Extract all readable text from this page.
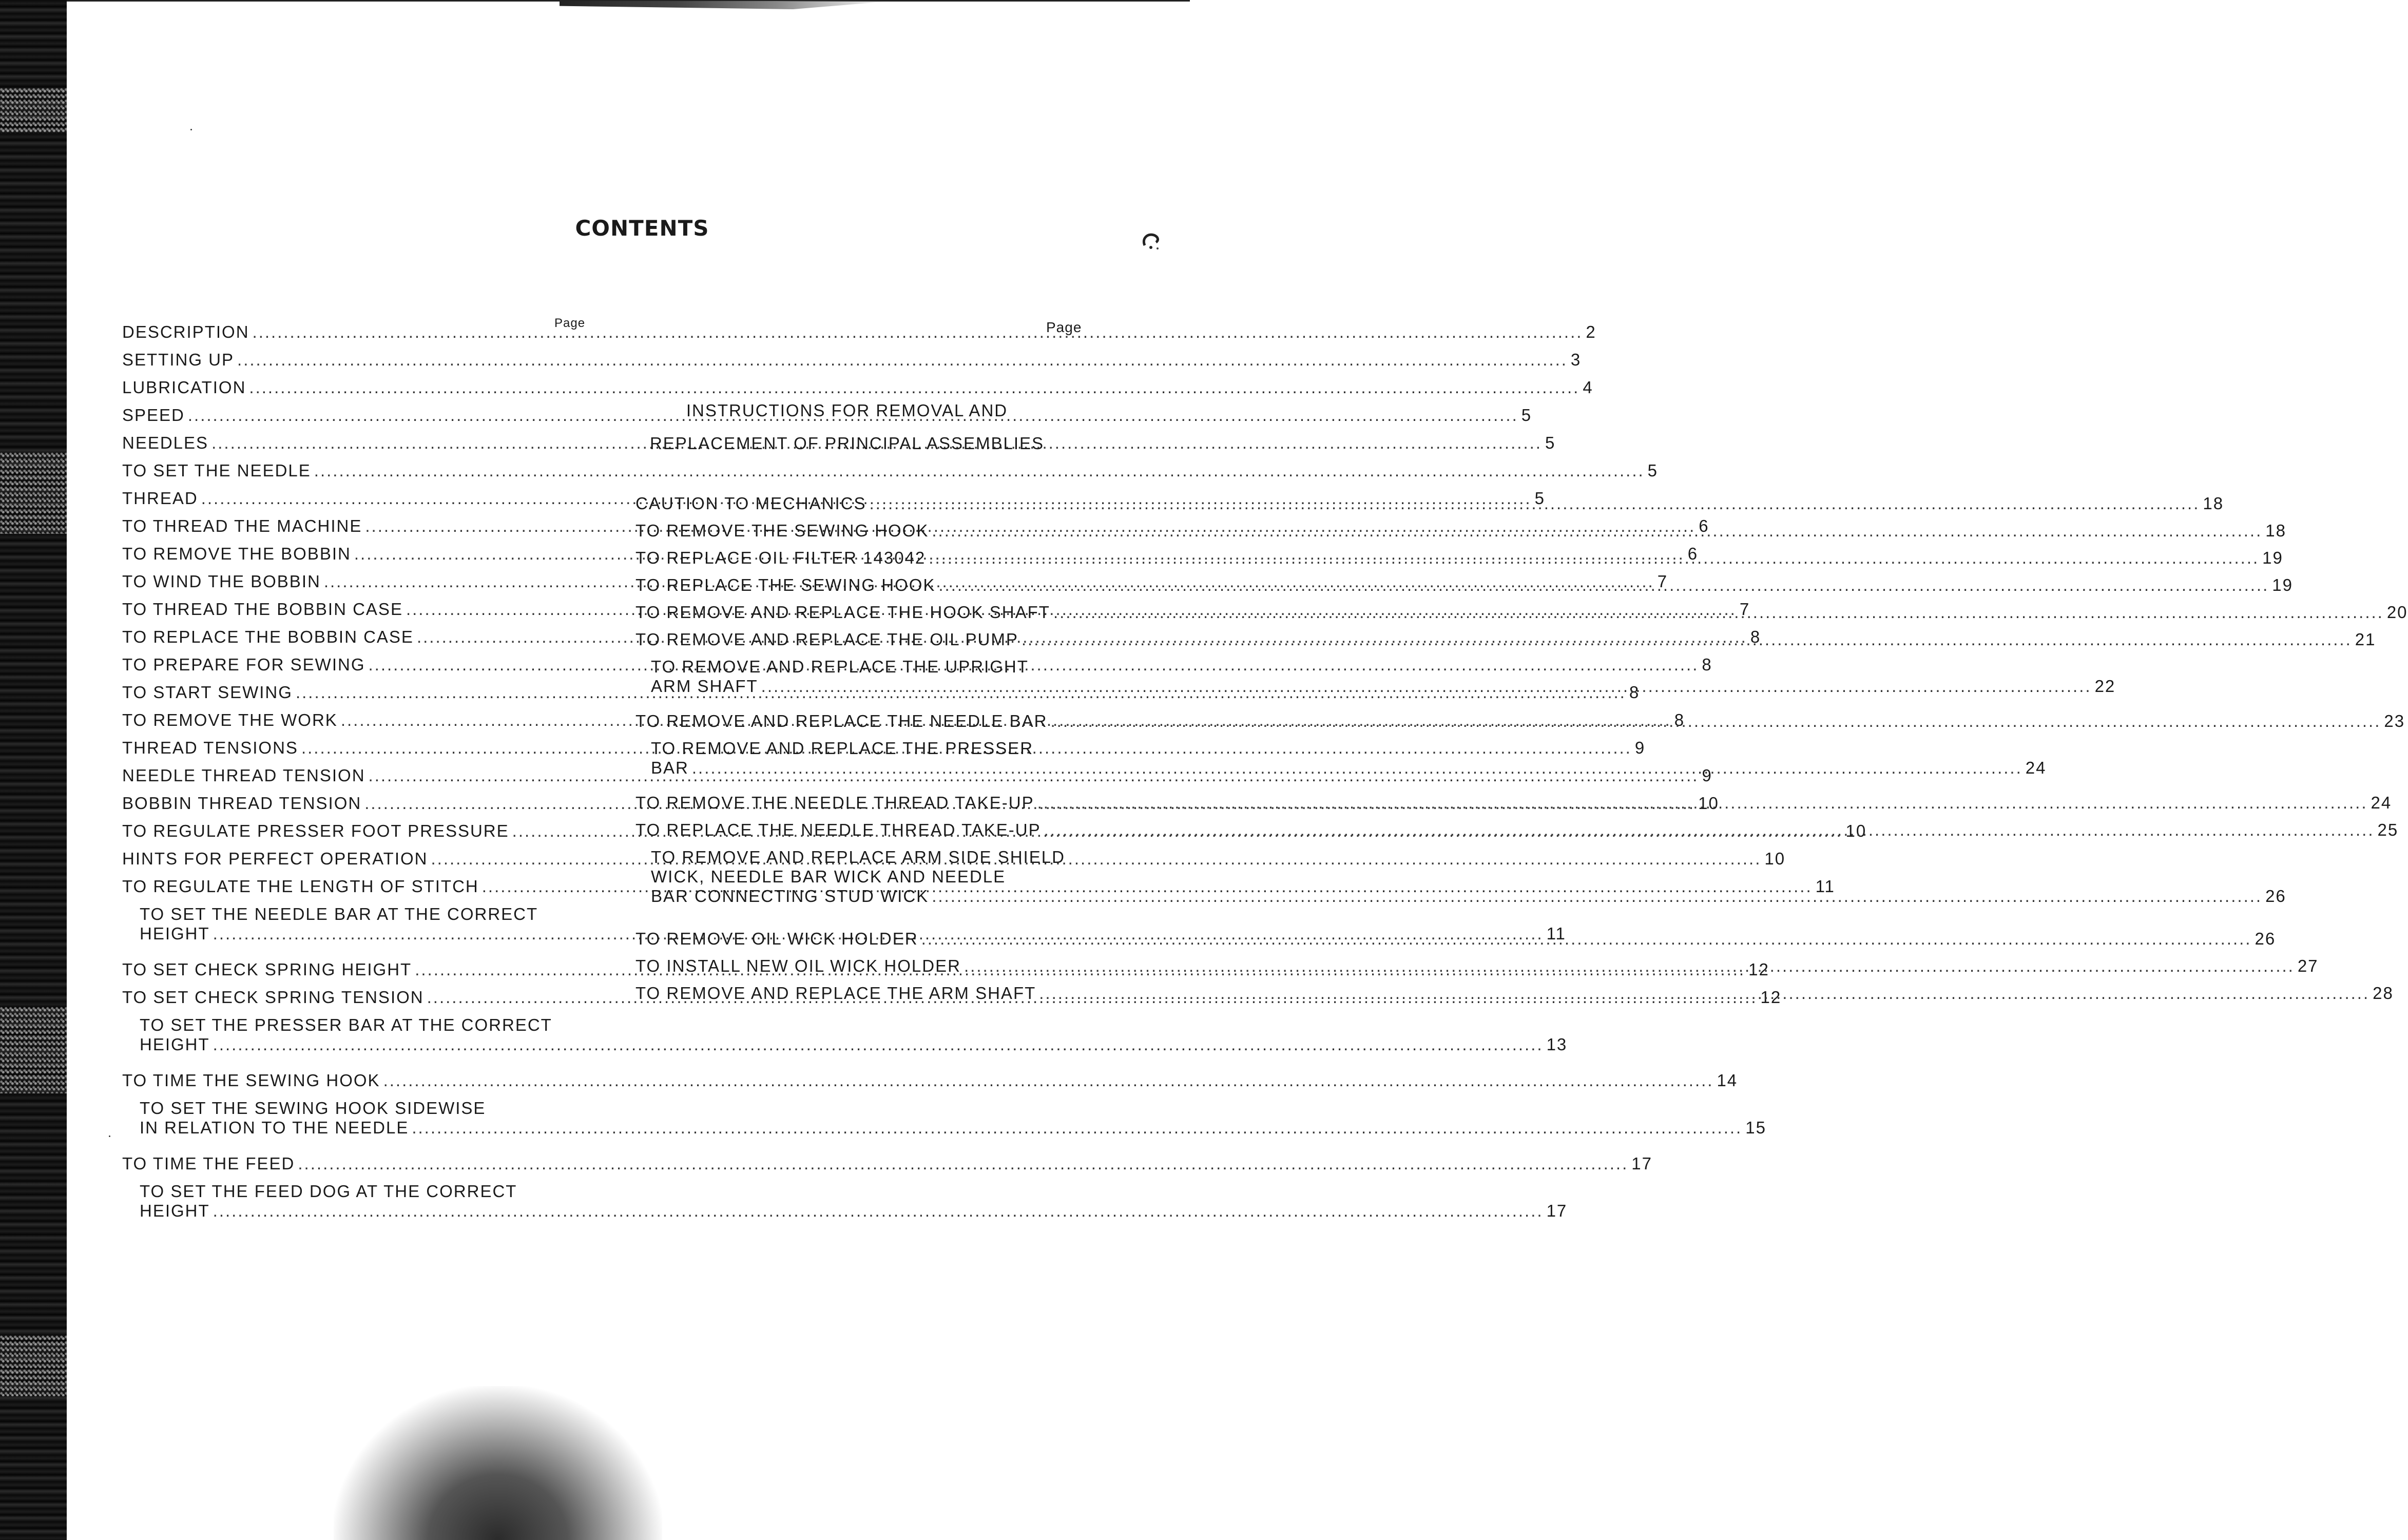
CONTENTS
Page	Page
DESCRIPTION .....	2
SETTING UP .....	3
LUBRICATION .....	4
SPEED .....	5
NEEDLES .....	5
TO SET THE NEEDLE .....	5
THREAD .....	5
TO THREAD THE MACHINE .....	6
TO REMOVE THE BOBBIN .....	6
TO WIND THE BOBBIN .....	7
TO THREAD THE BOBBIN CASE .....	7
TO REPLACE THE BOBBIN CASE .....	8
TO PREPARE FOR SEWING .....	8
TO START SEWING .....	8
TO REMOVE THE WORK .....	8
THREAD TENSIONS .....	9
NEEDLE THREAD TENSION .....	9
BOBBIN THREAD TENSION .....	10
TO REGULATE PRESSER FOOT PRESSURE .....	10
HINTS FOR PERFECT OPERATION .....	10
TO REGULATE THE LENGTH OF STITCH .....	11
TO SET THE NEEDLE BAR AT THE CORRECT
HEIGHT .....	11
TO SET CHECK SPRING HEIGHT .....	12
TO SET CHECK SPRING TENSION .....	12
TO SET THE PRESSER BAR AT THE CORRECT
HEIGHT .....	13
TO TIME THE SEWING HOOK .....	14
TO SET THE SEWING HOOK SIDEWISE
IN RELATION TO THE NEEDLE .....	15
TO TIME THE FEED .....	17
TO SET THE FEED DOG AT THE CORRECT
HEIGHT .....	17
INSTRUCTIONS FOR REMOVAL AND
REPLACEMENT OF PRINCIPAL ASSEMBLIES
CAUTION TO MECHANICS .....	18
TO REMOVE THE SEWING HOOK .....	18
TO REPLACE OIL FILTER 143042 .....	19
TO REPLACE THE SEWING HOOK .....	19
TO REMOVE AND REPLACE THE HOOK SHAFT .....	20
TO REMOVE AND REPLACE THE OIL PUMP .....	21
TO REMOVE AND REPLACE THE UPRIGHT
ARM SHAFT .....	22
TO REMOVE AND REPLACE THE NEEDLE BAR .....	23
TO REMOVE AND REPLACE THE PRESSER
BAR .....	24
TO REMOVE THE NEEDLE THREAD TAKE-UP .....	24
TO REPLACE THE NEEDLE THREAD TAKE-UP .....	25
TO REMOVE AND REPLACE ARM SIDE SHIELD
WICK, NEEDLE BAR WICK AND NEEDLE
BAR CONNECTING STUD WICK .....	26
TO REMOVE OIL WICK HOLDER .....	26
TO INSTALL NEW OIL WICK HOLDER .....	27
TO REMOVE AND REPLACE THE ARM SHAFT .....	28
